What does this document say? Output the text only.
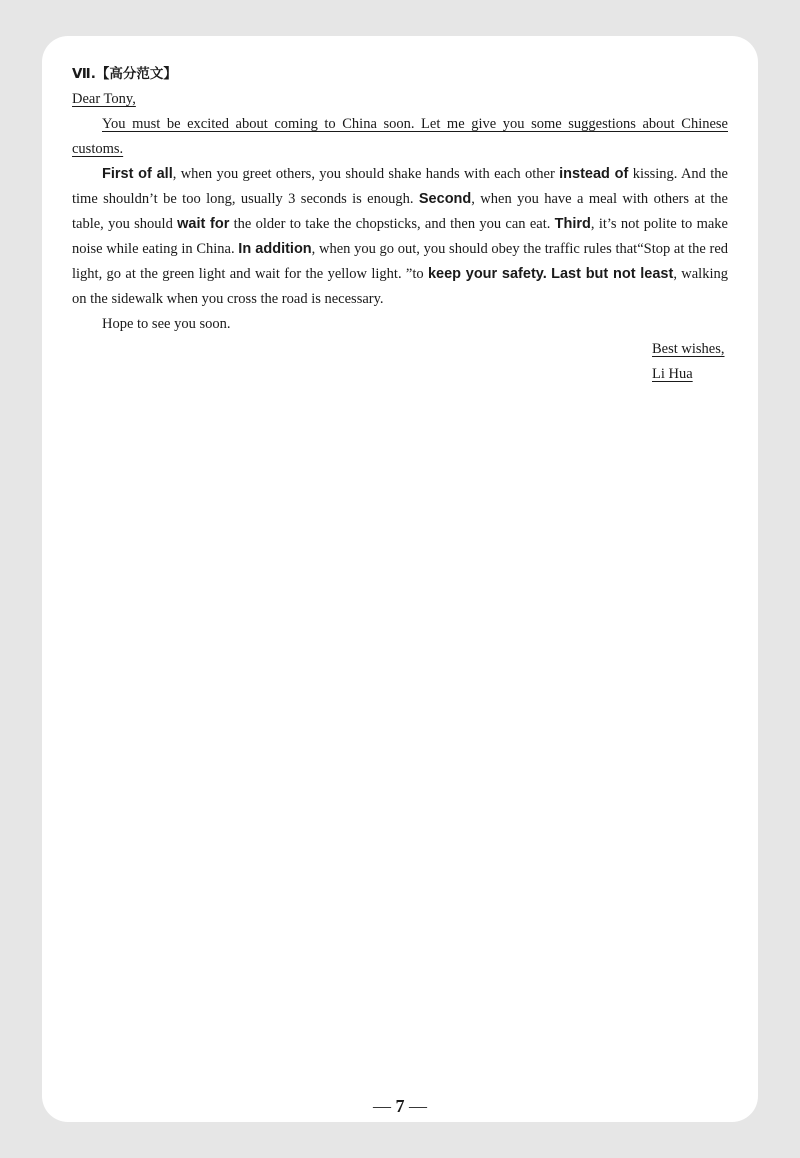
Ⅶ.【高分范文】
Dear Tony,

You must be excited about coming to China soon. Let me give you some suggestions about Chinese customs.

First of all, when you greet others, you should shake hands with each other instead of kissing. And the time shouldn’t be too long, usually 3 seconds is enough. Second, when you have a meal with others at the table, you should wait for the older to take the chopsticks, and then you can eat. Third, it’s not polite to make noise while eating in China. In addition, when you go out, you should obey the traffic rules that“Stop at the red light, go at the green light and wait for the yellow light. ”to keep your safety. Last but not least, walking on the sidewalk when you cross the road is necessary.

Hope to see you soon.

Best wishes,
Li Hua
— 7 —
